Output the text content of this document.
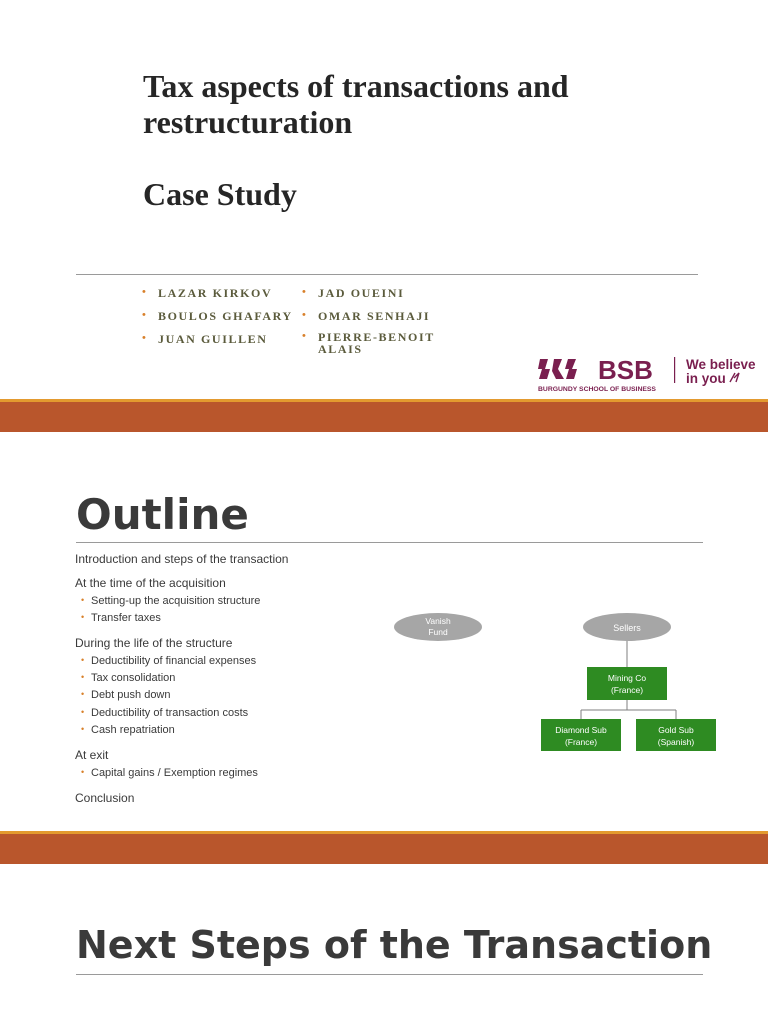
Tax aspects of transactions and restructuration
Case Study
• LAZAR KIRKOV
• BOULOS GHAFARY
• JUAN GUILLEN
• JAD OUEINI
• OMAR SENHAJI
• PIERRE-BENOIT ALAIS
BSB
BURGUNDY SCHOOL OF BUSINESS
We believe
in you
Outline
Introduction and steps of the transaction
At the time of the acquisition
• Setting-up the acquisition structure
• Transfer taxes
During the life of the structure
• Deductibility of financial expenses
• Tax consolidation
• Debt push down
• Deductibility of transaction costs
• Cash repatriation
At exit
• Capital gains / Exemption regimes
Conclusion
Vanish
Fund	Sellers
Mining Co
(France)
Diamond Sub
(France)
Gold Sub
(Spanish)
Next Steps of the Transaction
